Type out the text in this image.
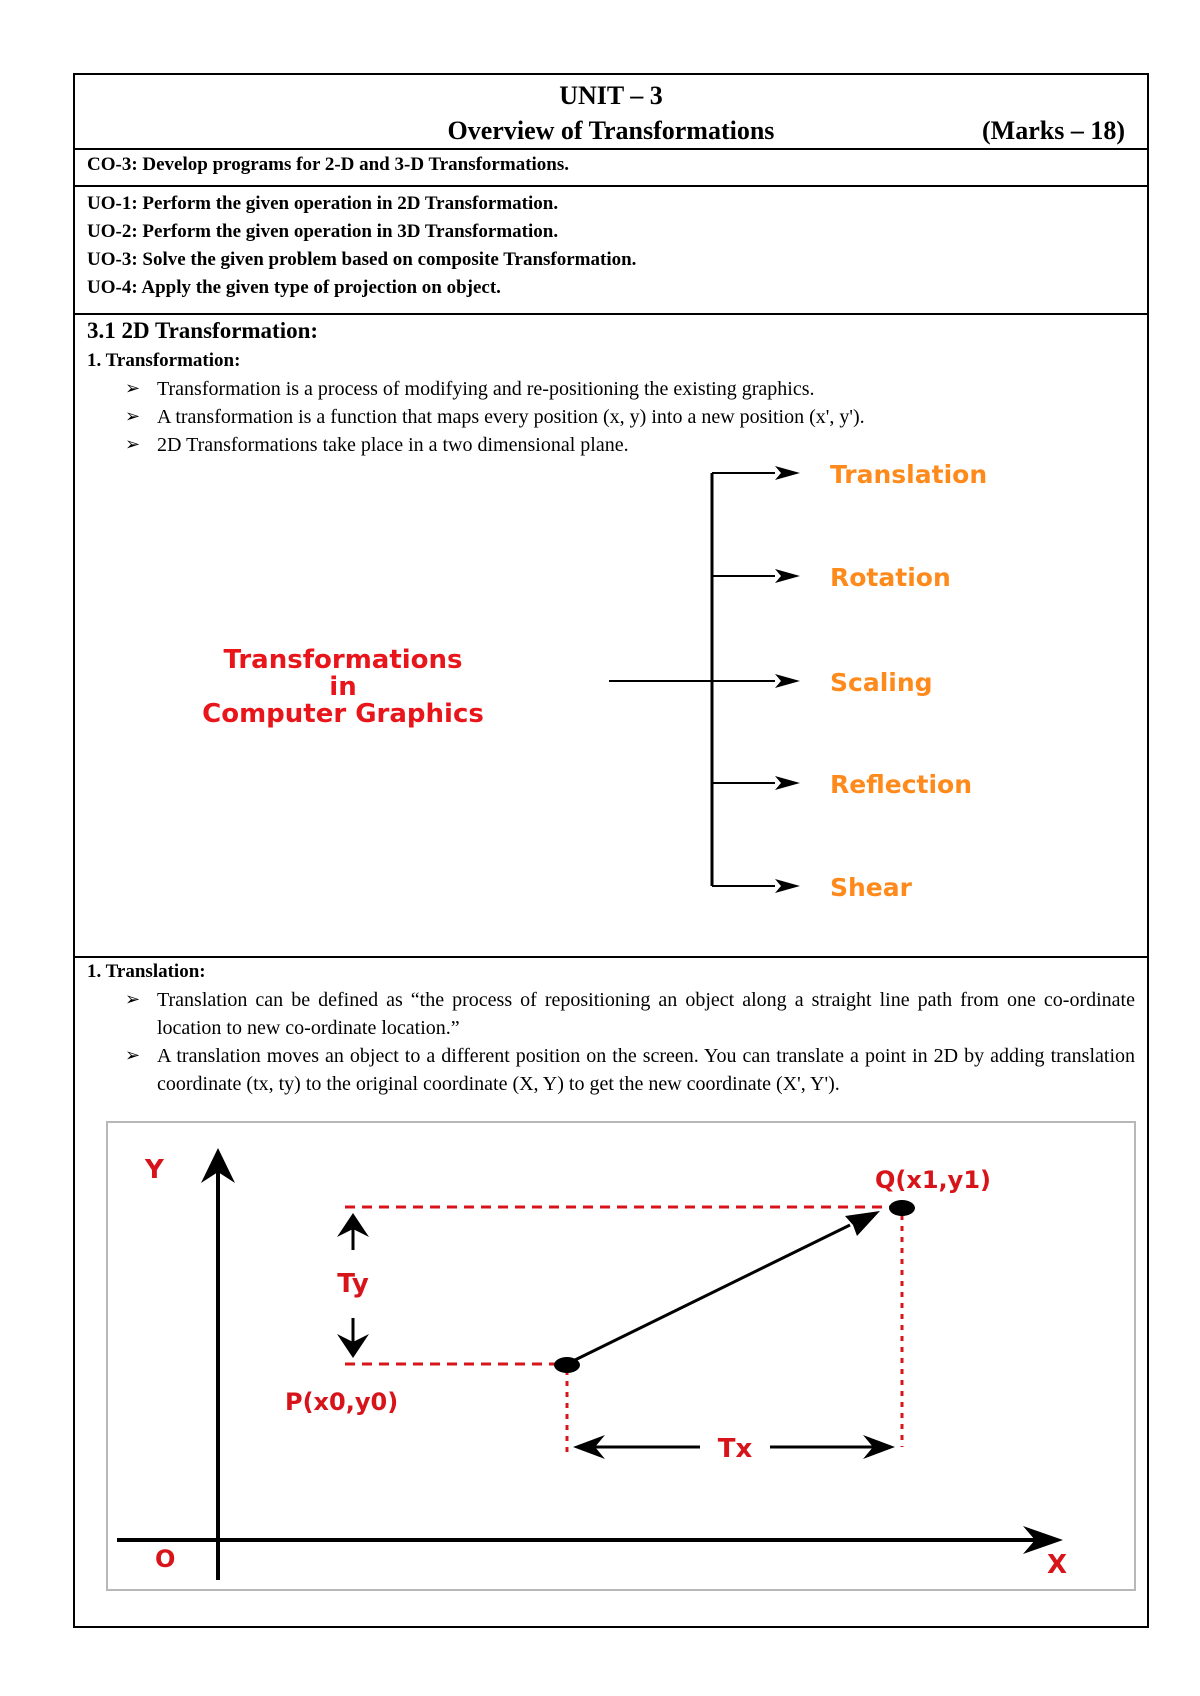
UNIT – 3
Overview of Transformations	(Marks – 18)
CO-3: Develop programs for 2-D and 3-D Transformations.
UO-1: Perform the given operation in 2D Transformation.
UO-2: Perform the given operation in 3D Transformation.
UO-3: Solve the given problem based on composite Transformation.
UO-4: Apply the given type of projection on object.
3.1 2D Transformation:
1. Transformation:
➢ Transformation is a process of modifying and re-positioning the existing graphics.
➢ A transformation is a function that maps every position (x, y) into a new position (x', y').
➢ 2D Transformations take place in a two dimensional plane.
Transformations
in
Computer Graphics
Translation
Rotation
Scaling
Reflection
Shear
1. Translation:
➢ Translation can be defined as “the process of repositioning an object along a straight line path from one co-ordinate location to new co-ordinate location.”
➢ A translation moves an object to a different position on the screen. You can translate a point in 2D by adding translation coordinate (tx, ty) to the original coordinate (X, Y) to get the new coordinate (X', Y').
Y
X
O
Ty
Tx
P(x0,y0)
Q(x1,y1)
